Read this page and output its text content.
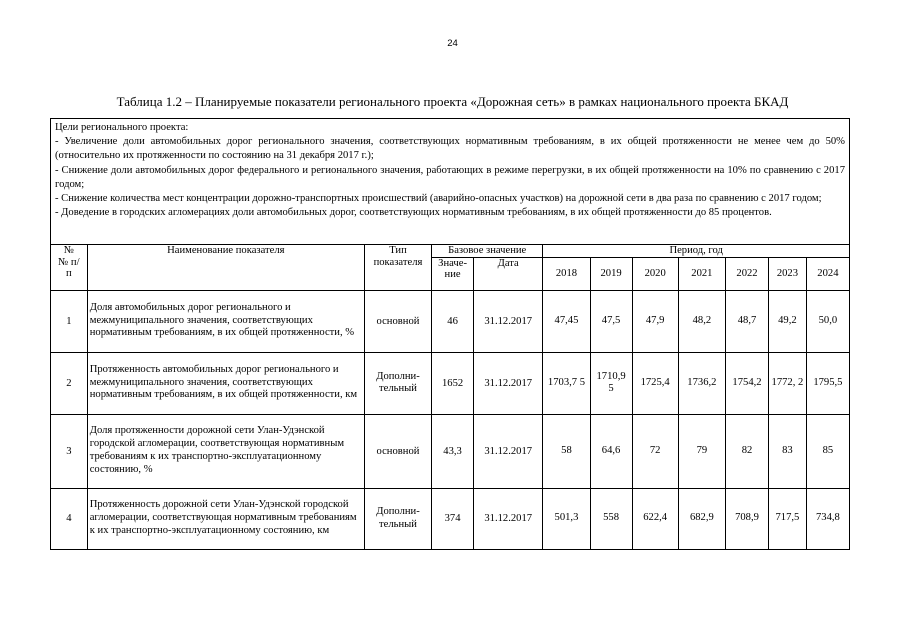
24
Таблица 1.2 – Планируемые показатели регионального проекта «Дорожная сеть» в рамках национального проекта БКАД
Цели регионального проекта:
- Увеличение доли автомобильных дорог регионального значения, соответствующих нормативным требованиям, в их общей протяженности не менее чем до 50% (относительно их протяженности по состоянию на 31 декабря 2017 г.);
- Снижение доли автомобильных дорог федерального и регионального значения, работающих в режиме перегрузки, в их общей протяженности на 10% по сравнению с 2017 годом;
- Снижение количества мест концентрации дорожно-транспортных происшествий (аварийно-опасных участков) на дорожной сети в два раза по сравнению с 2017 годом;
- Доведение в городских агломерациях доли автомобильных дорог, соответствующих нормативным требованиям, в их общей протяженности до 85 процентов.
№ № п/п	Наименование показателя	Тип показателя	Базовое значение		Период, год						
			Значе-ние	Дата	2018	2019	2020	2021	2022	2023	2024
1	Доля автомобильных дорог регионального и межмуниципального значения, соответствующих нормативным требованиям, в их общей протяженности, %	основной	46	31.12.2017	47,45	47,5	47,9	48,2	48,7	49,2	50,0
2	Протяженность автомобильных дорог регионального и межмуниципального значения, соответствующих нормативным требованиям, в их общей протяженности, км	Дополни-тельный	1652	31.12.2017	1703,7 5	1710,9 5	1725,4	1736,2	1754,2	1772, 2	1795,5
3	Доля протяженности дорожной сети Улан-Удэнской городской агломерации, соответствующая нормативным требованиям к их транспортно-эксплуатационному состоянию, %	основной	43,3	31.12.2017	58	64,6	72	79	82	83	85
4	Протяженность дорожной сети Улан-Удэнской городской агломерации, соответствующая нормативным требованиям к их транспортно-эксплуатационному состоянию, км	Дополни-тельный	374	31.12.2017	501,3	558	622,4	682,9	708,9	717,5	734,8
